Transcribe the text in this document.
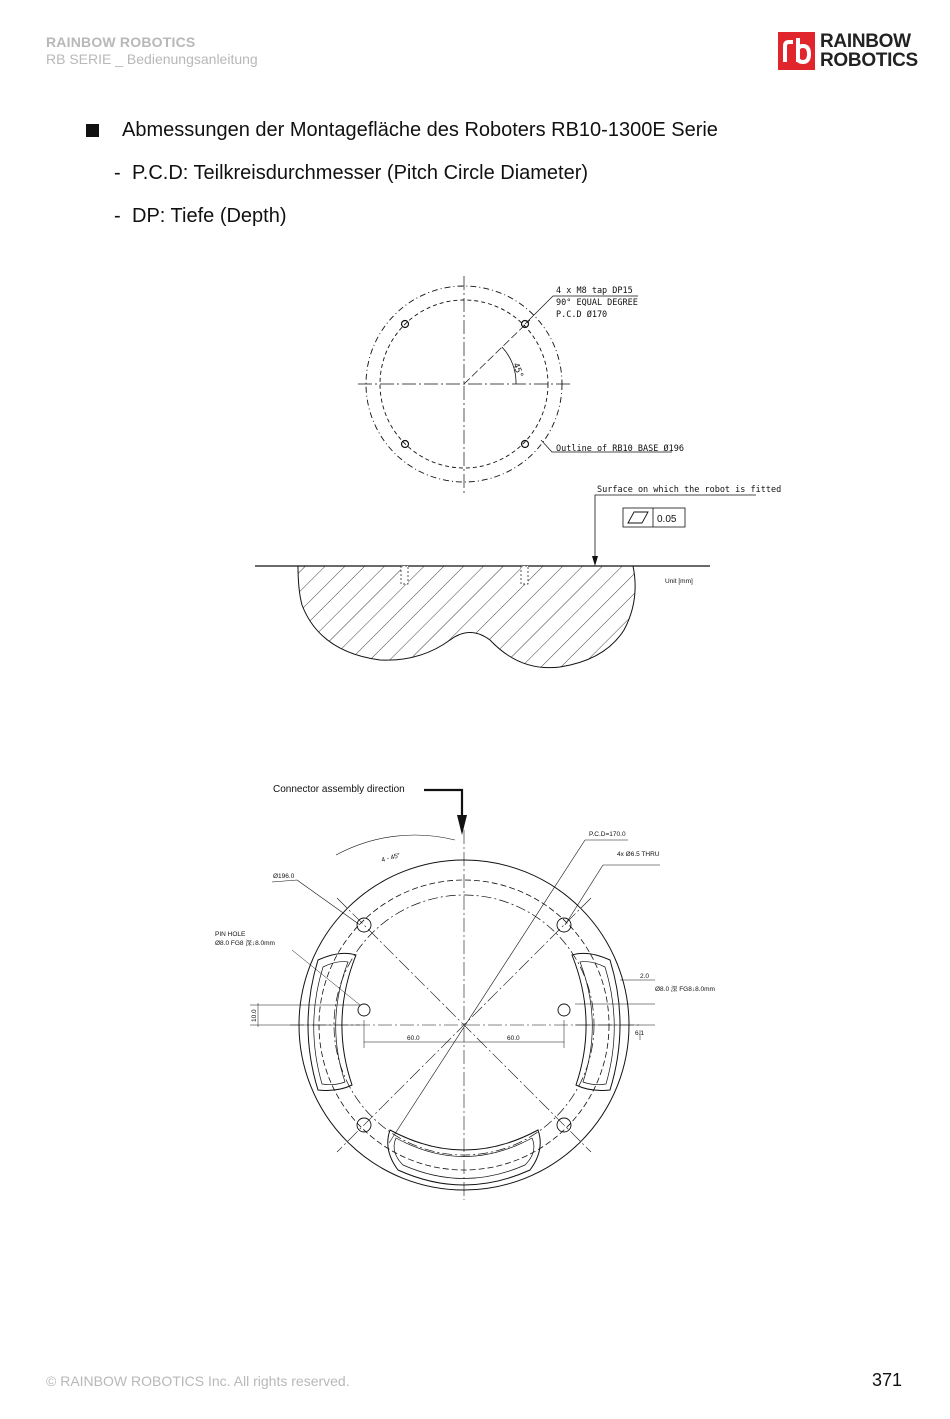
RAINBOW ROBOTICS
RB SERIE _ Bedienungsanleitung
RAINBOW
ROBOTICS
Abmessungen der Montagefläche des Roboters RB10-1300E Serie
- P.C.D: Teilkreisdurchmesser (Pitch Circle Diameter)
- DP: Tiefe (Depth)
4 x M8 tap DP15
90° EQUAL DEGREE
P.C.D Ø170
45°
Outline of RB10 BASE Ø196
Surface on which the robot is fitted
0.05
Unit [mm]
Connector assembly direction
P.C.D=170.0
4x Ø6.5 THRU
4 - 45°
Ø196.0
PIN HOLE
Ø8.0 FG8 深↓8.0mm
Ø8.0 深 FG8↓8.0mm
60.0	60.0
10.0
2.0
6.1
© RAINBOW ROBOTICS Inc. All rights reserved.	371
